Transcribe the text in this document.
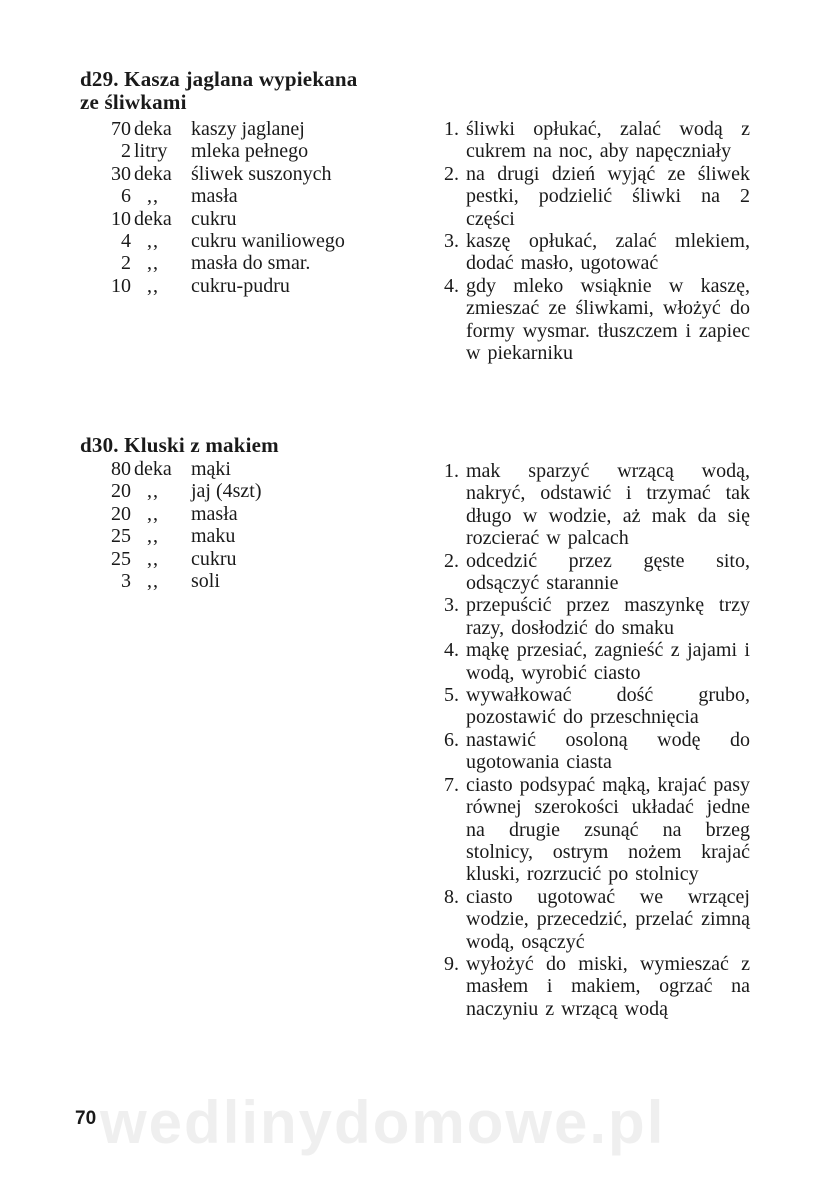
d29. Kasza jaglana wypiekana
ze śliwkami
70 deka kaszy jaglanej
2 litry	mleka pełnego
30 deka śliwek suszonych
6 ,,	masła
10 deka cukru
4 ,,	cukru waniliowego
2 ,,	masła do smar.
10 ,,	cukru-pudru
1. śliwki opłukać, zalać wodą z cukrem na noc, aby napęczniały
2. na drugi dzień wyjąć ze śliwek pestki, podzielić śliwki na 2 części
3. kaszę opłukać, zalać mlekiem, dodać masło, ugotować
4. gdy mleko wsiąknie w kaszę, zmieszać ze śliwkami, włożyć do formy wysmar. tłuszczem i zapiec w piekarniku
d30. Kluski z makiem
80 deka mąki
20 ,,	jaj (4szt)
20 ,,	masła
25 ,,	maku
25 ,,	cukru
3 ,,	soli
1. mak sparzyć wrzącą wodą, nakryć, odstawić i trzymać tak długo w wodzie, aż mak da się rozcierać w palcach
2. odcedzić przez gęste sito, odsączyć starannie
3. przepuścić przez maszynkę trzy razy, dosłodzić do smaku
4. mąkę przesiać, zagnieść z jajami i wodą, wyrobić ciasto
5. wywałkować dość grubo, pozostawić do przeschnięcia
6. nastawić osoloną wodę do ugotowania ciasta
7. ciasto podsypać mąką, krajać pasy równej szerokości układać jedne na drugie zsunąć na brzeg stolnicy, ostrym nożem krajać kluski, rozrzucić po stolnicy
8. ciasto ugotować we wrzącej wodzie, przecedzić, przelać zimną wodą, osączyć
9. wyłożyć do miski, wymieszać z masłem i makiem, ogrzać na naczyniu z wrzącą wodą
wedlinydomowe.pl
70
